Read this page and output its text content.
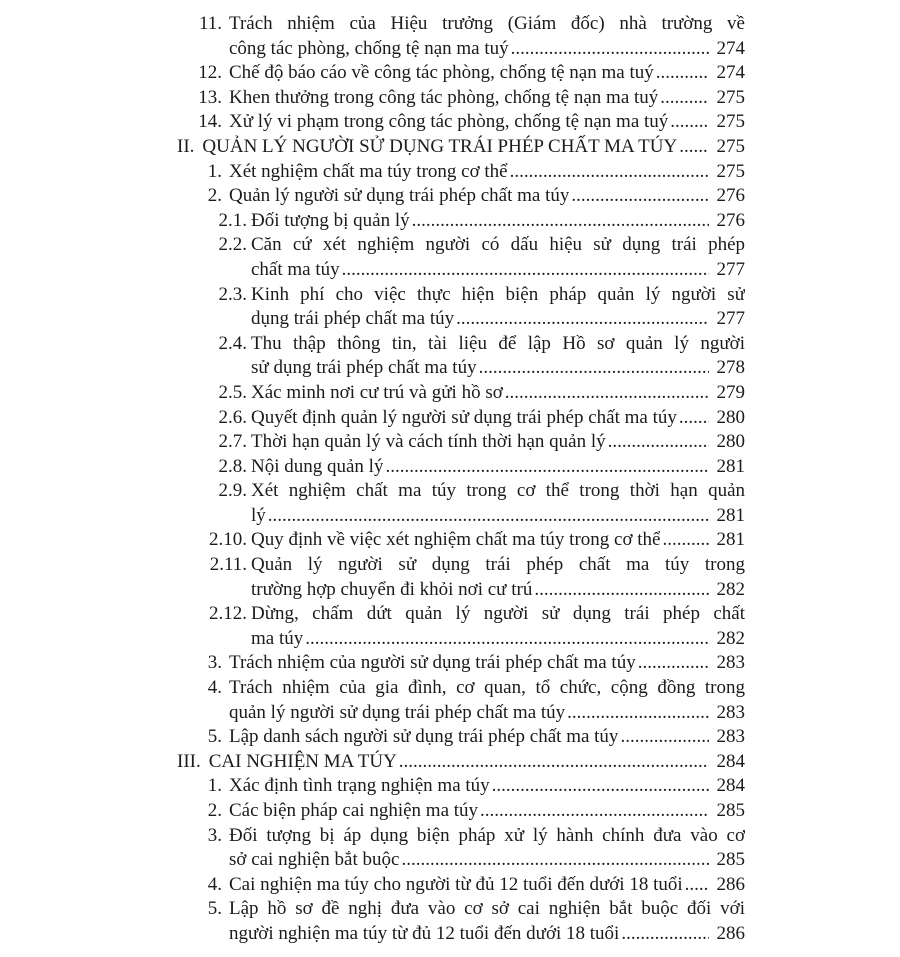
11. Trách nhiệm của Hiệu trưởng (Giám đốc) nhà trường về
công tác phòng, chống tệ nạn ma tuý .....	274
12. Chế độ báo cáo về công tác phòng, chống tệ nạn ma tuý .....	274
13. Khen thưởng trong công tác phòng, chống tệ nạn ma tuý .....	275
14. Xử lý vi phạm trong công tác phòng, chống tệ nạn ma tuý .....	275
II. QUẢN LÝ NGƯỜI SỬ DỤNG TRÁI PHÉP CHẤT MA TÚY .....	275
1. Xét nghiệm chất ma túy trong cơ thể .....	275
2. Quản lý người sử dụng trái phép chất ma túy .....	276
2.1. Đối tượng bị quản lý .....	276
2.2. Căn cứ xét nghiệm người có dấu hiệu sử dụng trái phép
chất ma túy .....	277
2.3. Kinh phí cho việc thực hiện biện pháp quản lý người sử
dụng trái phép chất ma túy .....	277
2.4. Thu thập thông tin, tài liệu để lập Hồ sơ quản lý người
sử dụng trái phép chất ma túy .....	278
2.5. Xác minh nơi cư trú và gửi hồ sơ .....	279
2.6. Quyết định quản lý người sử dụng trái phép chất ma túy .....	280
2.7. Thời hạn quản lý và cách tính thời hạn quản lý .....	280
2.8. Nội dung quản lý .....	281
2.9. Xét nghiệm chất ma túy trong cơ thể trong thời hạn quản
lý .....	281
2.10. Quy định về việc xét nghiệm chất ma túy trong cơ thể .....	281
2.11. Quản lý người sử dụng trái phép chất ma túy trong
trường hợp chuyển đi khỏi nơi cư trú .....	282
2.12. Dừng, chấm dứt quản lý người sử dụng trái phép chất
ma túy .....	282
3. Trách nhiệm của người sử dụng trái phép chất ma túy .....	283
4. Trách nhiệm của gia đình, cơ quan, tổ chức, cộng đồng trong
quản lý người sử dụng trái phép chất ma túy .....	283
5. Lập danh sách người sử dụng trái phép chất ma túy .....	283
III. CAI NGHIỆN MA TÚY .....	284
1. Xác định tình trạng nghiện ma túy .....	284
2. Các biện pháp cai nghiện ma túy .....	285
3. Đối tượng bị áp dụng biện pháp xử lý hành chính đưa vào cơ
sở cai nghiện bắt buộc .....	285
4. Cai nghiện ma túy cho người từ đủ 12 tuổi đến dưới 18 tuổi .....	286
5. Lập hồ sơ đề nghị đưa vào cơ sở cai nghiện bắt buộc đối với
người nghiện ma túy từ đủ 12 tuổi đến dưới 18 tuổi .....	286
